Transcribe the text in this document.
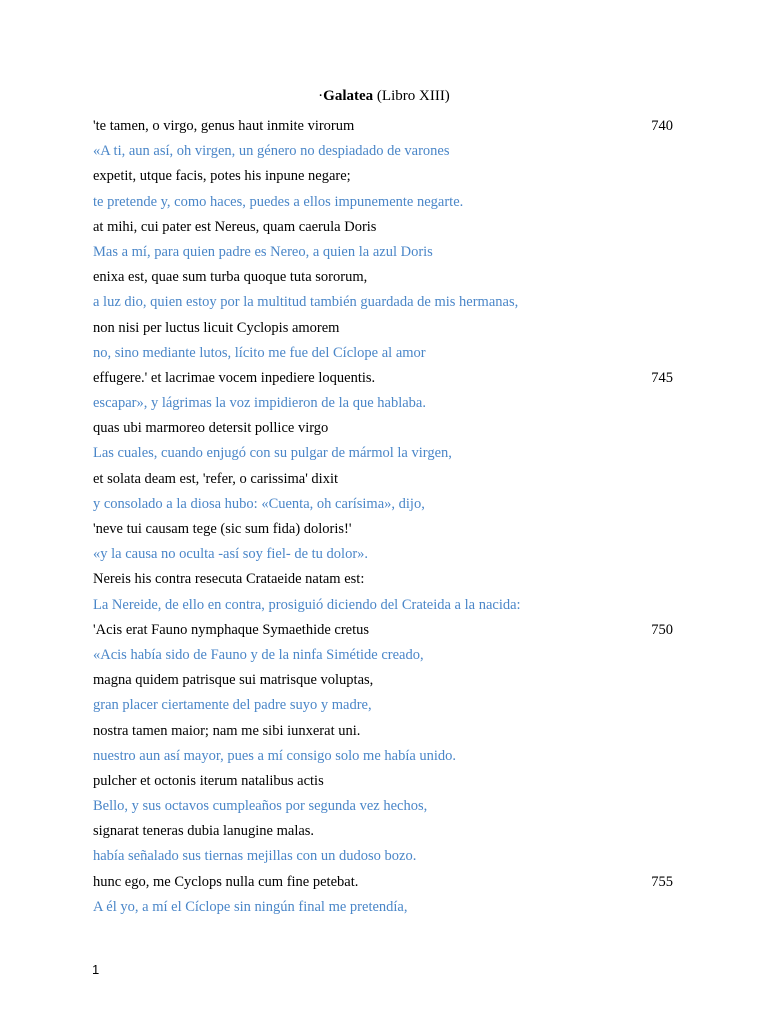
·Galatea (Libro XIII)
'te tamen, o virgo, genus haut inmite virorum	740
«A ti, aun así, oh virgen, un género no despiadado de varones
expetit, utque facis, potes his inpune negare;
te pretende y, como haces, puedes a ellos impunemente negarte.
at mihi, cui pater est Nereus, quam caerula Doris
Mas a mí, para quien padre es Nereo, a quien la azul Doris
enixa est, quae sum turba quoque tuta sororum,
a luz dio, quien estoy por la multitud también guardada de mis hermanas,
non nisi per luctus licuit Cyclopis amorem
no, sino mediante lutos, lícito me fue del Cíclope al amor
effugere.' et lacrimae vocem inpediere loquentis.	745
escapar», y lágrimas la voz impidieron de la que hablaba.
quas ubi marmoreo detersit pollice virgo
Las cuales, cuando enjugó con su pulgar de mármol la virgen,
et solata deam est, 'refer, o carissima' dixit
y consolado a la diosa hubo: «Cuenta, oh carísima», dijo,
'neve tui causam tege (sic sum fida) doloris!'
«y la causa no oculta -así soy fiel- de tu dolor».
Nereis his contra resecuta Crataeide natam est:
La Nereide, de ello en contra, prosiguió diciendo del Crateida a la nacida:
'Acis erat Fauno nymphaque Symaethide cretus	750
«Acis había sido de Fauno y de la ninfa Simétide creado,
magna quidem patrisque sui matrisque voluptas,
gran placer ciertamente del padre suyo y madre,
nostra tamen maior; nam me sibi iunxerat uni.
nuestro aun así mayor, pues a mí consigo solo me había unido.
pulcher et octonis iterum natalibus actis
Bello, y sus octavos cumpleaños por segunda vez hechos,
signarat teneras dubia lanugine malas.
había señalado sus tiernas mejillas con un dudoso bozo.
hunc ego, me Cyclops nulla cum fine petebat.	755
A él yo, a mí el Cíclope sin ningún final me pretendía,
1
